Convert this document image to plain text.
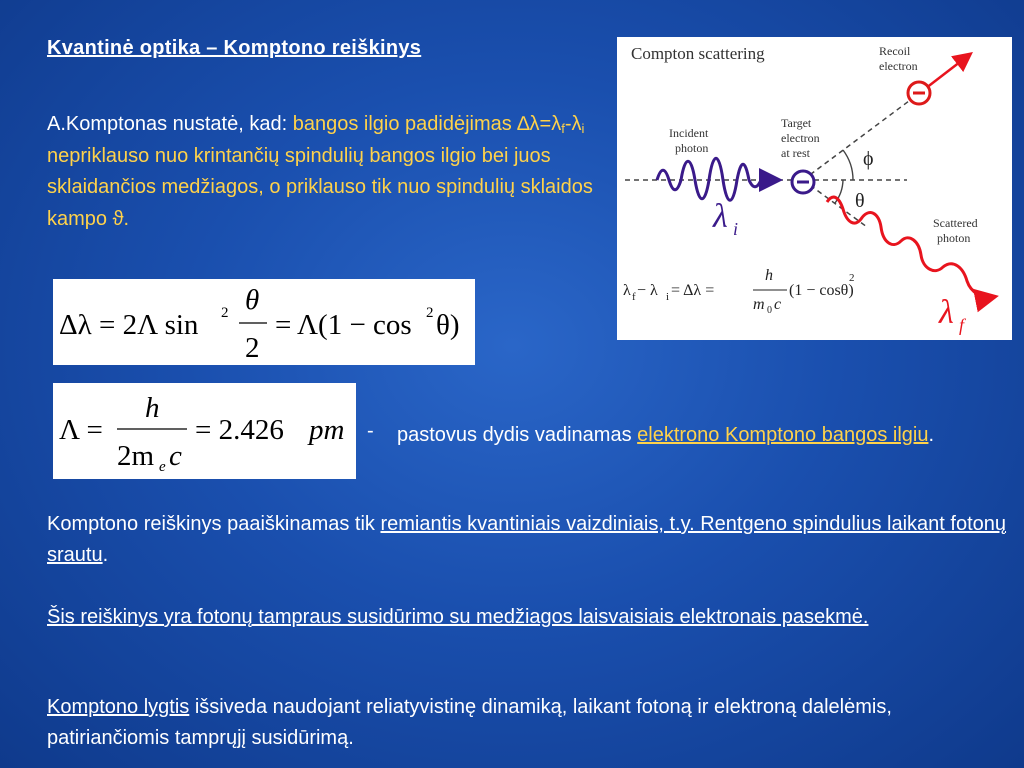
Kvantinė optika – Komptono reiškinys
A.Komptonas nustatė, kad: bangos ilgio padidėjimas $\Delta\lambda=\lambda_f-\lambda_i$ nepriklauso nuo krintančių spindulių bangos ilgio bei juos sklaidančios medžiagos, o priklauso tik nuo spindulių sklaidos kampo ϑ.
Δλ = 2Λ sin 2 θ
2
= Λ(1 − cos 2 θ)
Λ =
h
2m e c
= 2.426 pm - pastovus dydis vadinamas elektrono Komptono bangos ilgiu.
Komptono reiškinys paaiškinamas tik remiantis kvantiniais vaizdiniais, t.y. Rentgeno spindulius laikant fotonų srautu.
Šis reiškinys yra fotonų tampraus susidūrimo su medžiagos laisvaisiais elektronais pasekmė.
Komptono lygtis išsiveda naudojant reliatyvistinę dinamiką, laikant fotoną ir elektroną dalelėmis, patiriančiomis tamprųjį susidūrimą.
Compton scattering	Recoil
electron
Incident
photon
Target
electron
at rest
Scattered
photon
ϕ
θ
λ i
λ f
λ f − λ i = Δλ =
h
m 0 c
(1 − cosθ)
2
